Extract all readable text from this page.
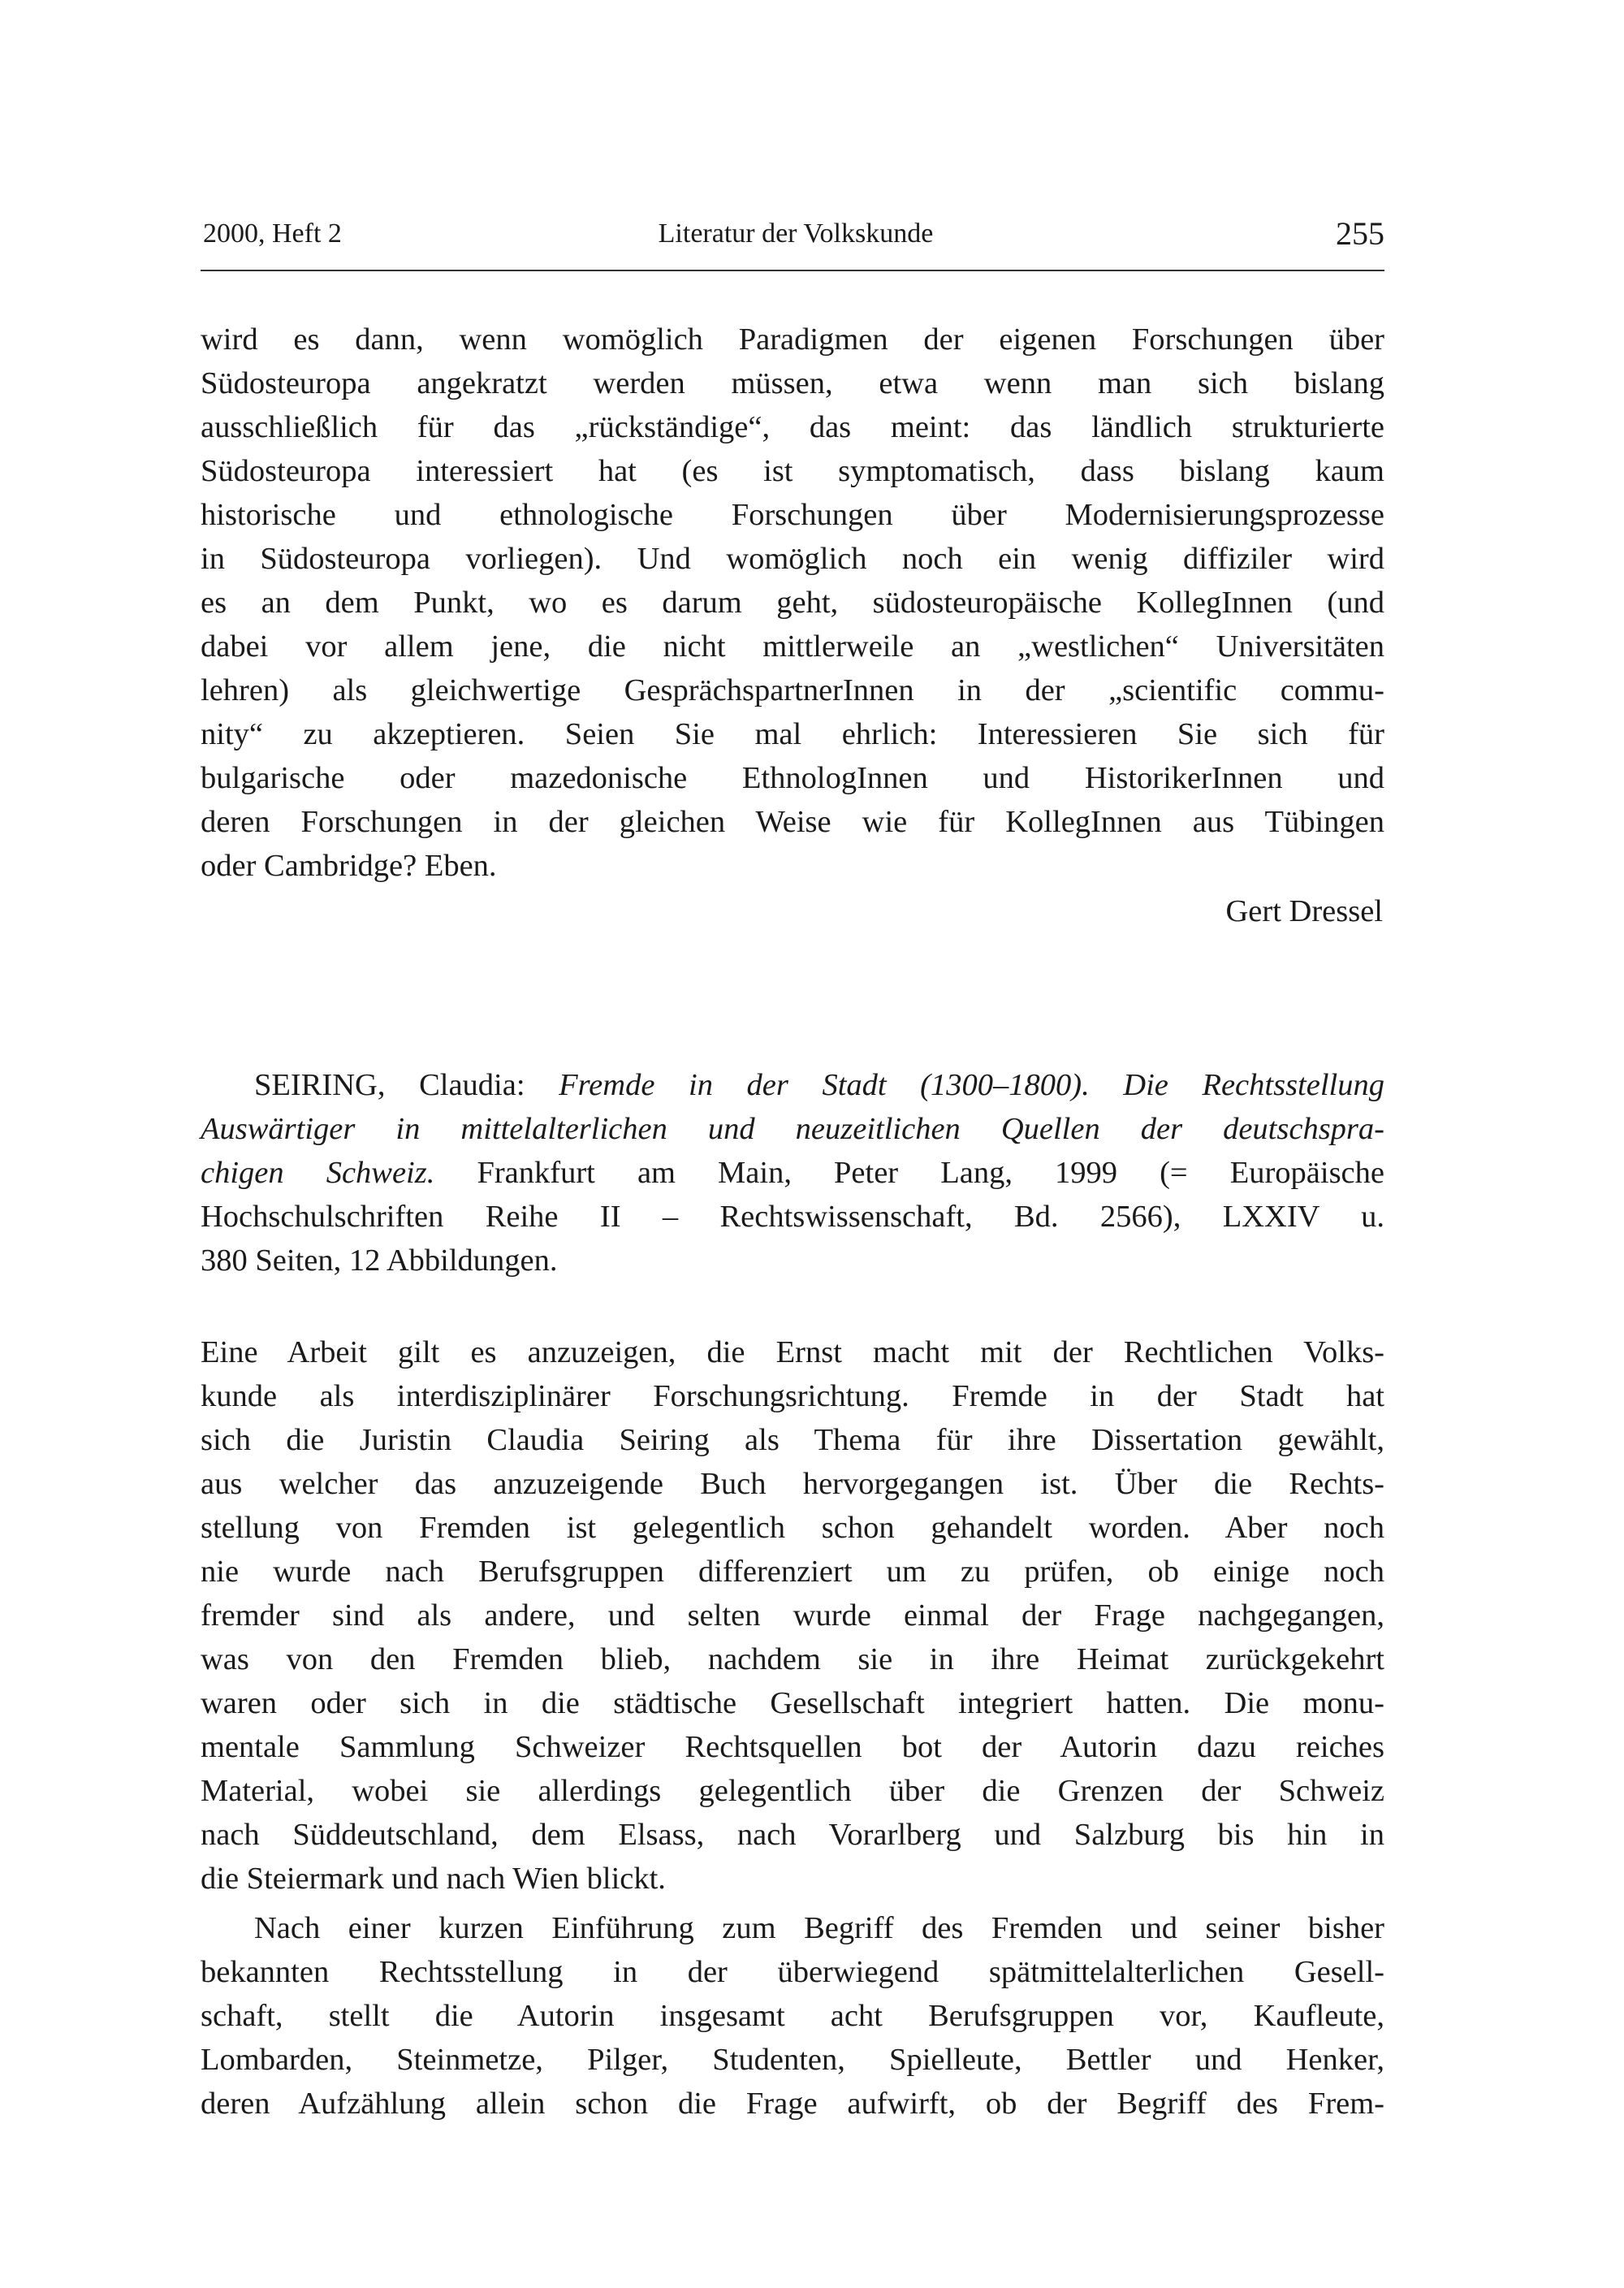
2000, Heft 2	Literatur der Volkskunde	255
wird es dann, wenn womöglich Paradigmen der eigenen Forschungen über
Südosteuropa angekratzt werden müssen, etwa wenn man sich bislang
ausschließlich für das „rückständige“, das meint: das ländlich strukturierte
Südosteuropa interessiert hat (es ist symptomatisch, dass bislang kaum
historische und ethnologische Forschungen über Modernisierungsprozesse
in Südosteuropa vorliegen). Und womöglich noch ein wenig diffiziler wird
es an dem Punkt, wo es darum geht, südosteuropäische KollegInnen (und
dabei vor allem jene, die nicht mittlerweile an „westlichen“ Universitäten
lehren) als gleichwertige GesprächspartnerInnen in der „scientific commu-
nity“ zu akzeptieren. Seien Sie mal ehrlich: Interessieren Sie sich für
bulgarische oder mazedonische EthnologInnen und HistorikerInnen und
deren Forschungen in der gleichen Weise wie für KollegInnen aus Tübingen
oder Cambridge? Eben.
Gert Dressel
SEIRING, Claudia: Fremde in der Stadt (1300–1800). Die Rechtsstellung
Auswärtiger in mittelalterlichen und neuzeitlichen Quellen der deutschspra-
chigen Schweiz. Frankfurt am Main, Peter Lang, 1999 (= Europäische
Hochschulschriften Reihe II – Rechtswissenschaft, Bd. 2566), LXXIV u.
380 Seiten, 12 Abbildungen.
Eine Arbeit gilt es anzuzeigen, die Ernst macht mit der Rechtlichen Volks-
kunde als interdisziplinärer Forschungsrichtung. Fremde in der Stadt hat
sich die Juristin Claudia Seiring als Thema für ihre Dissertation gewählt,
aus welcher das anzuzeigende Buch hervorgegangen ist. Über die Rechts-
stellung von Fremden ist gelegentlich schon gehandelt worden. Aber noch
nie wurde nach Berufsgruppen differenziert um zu prüfen, ob einige noch
fremder sind als andere, und selten wurde einmal der Frage nachgegangen,
was von den Fremden blieb, nachdem sie in ihre Heimat zurückgekehrt
waren oder sich in die städtische Gesellschaft integriert hatten. Die monu-
mentale Sammlung Schweizer Rechtsquellen bot der Autorin dazu reiches
Material, wobei sie allerdings gelegentlich über die Grenzen der Schweiz
nach Süddeutschland, dem Elsass, nach Vorarlberg und Salzburg bis hin in
die Steiermark und nach Wien blickt.
Nach einer kurzen Einführung zum Begriff des Fremden und seiner bisher
bekannten Rechtsstellung in der überwiegend spätmittelalterlichen Gesell-
schaft, stellt die Autorin insgesamt acht Berufsgruppen vor, Kaufleute,
Lombarden, Steinmetze, Pilger, Studenten, Spielleute, Bettler und Henker,
deren Aufzählung allein schon die Frage aufwirft, ob der Begriff des Frem-
